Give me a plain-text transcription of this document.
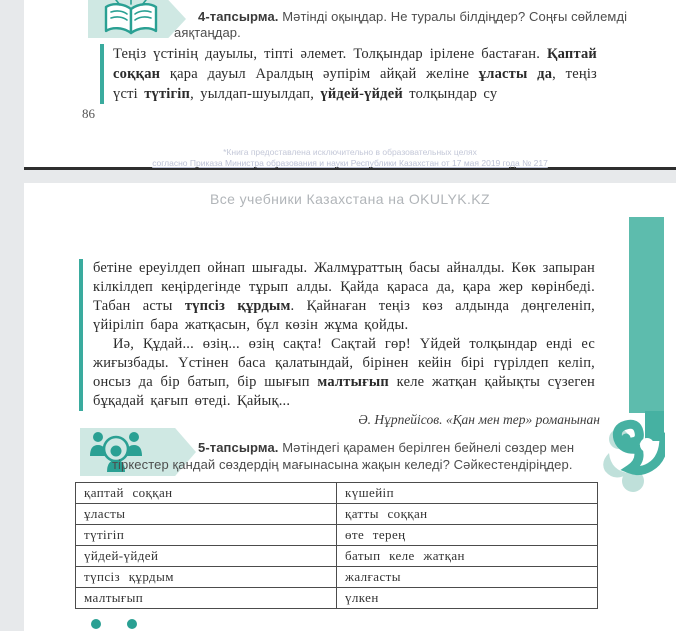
4-тапсырма. Мәтінді оқыңдар. Не туралы білдіңдер? Соңғы сөйлемді аяқтаңдар.
Теңіз үстінің дауылы, тіпті әлемет. Толқындар ірілене бастаған. Қаптай соққан қара дауыл Аралдың әупірім айқай желіне ұласты да, теңіз үсті түтігіп, уылдап-шуылдап, үйдей-үйдей толқындар су
86
*Книга предоставлена исключительно в образовательных целях
согласно Приказа Министра образования и науки Республики Казахстан от 17 мая 2019 года № 217
Все учебники Казахстана на OKULYK.KZ

бетіне ереуілдеп ойнап шығады. Жалмұраттың басы айналды. Көк запыран кілкілдеп кеңірдегінде тұрып алды. Қайда қараса да, қара жер көрінбеді. Табан асты түпсіз құрдым. Қайнаған теңіз көз алдында дөңгеленіп, үйіріліп бара жатқасын, бұл көзін жұма қойды.

Иә, Құдай... өзің... өзің сақта! Сақтай гөр! Үйдей толқындар енді ес жиғызбады. Үстінен баса қалатындай, бірінен кейін бірі гүрілдеп келіп, онсыз да бір батып, бір шығып малтығып келе жатқан қайықты сүзеген бұқадай қағып өтеді. Қайық...

Ә. Нұрпейісов. «Қан мен тер» романынан
5-тапсырма. Мәтіндегі қарамен берілген бейнелі сөздер мен тіркестер қандай сөздердің мағынасына жақын келеді? Сәйкестендіріңдер.
қаптай соққан	күшейіп
ұласты	қатты соққан
түтігіп	өте терең
үйдей-үйдей	батып келе жатқан
түпсіз құрдым	жалғасты
малтығып	үлкен
